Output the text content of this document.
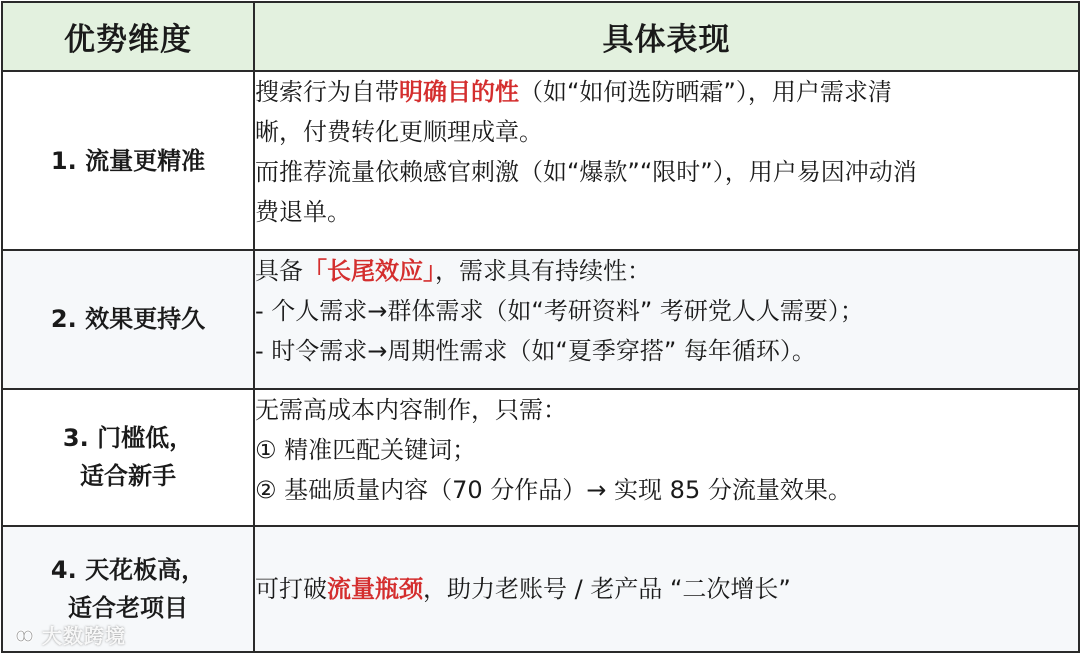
优势维度	具体表现
1. 流量更精准	搜索行为自带明确目的性（如“如何选防晒霜”），用户需求清
晰，付费转化更顺理成章。
而推荐流量依赖感官刺激（如“爆款”“限时”），用户易因冲动消
费退单。

2. 效果更持久	具备「长尾效应」，需求具有持续性：
- 个人需求→群体需求（如“考研资料” 考研党人人需要）；
- 时令需求→周期性需求（如“夏季穿搭” 每年循环）。

3. 门槛低，
适合新手	无需高成本内容制作，只需：
① 精准匹配关键词；
② 基础质量内容（70 分作品）→ 实现 85 分流量效果。

4. 天花板高，
适合老项目	可打破流量瓶颈，助力老账号 / 老产品 “二次增长”
大数跨境
